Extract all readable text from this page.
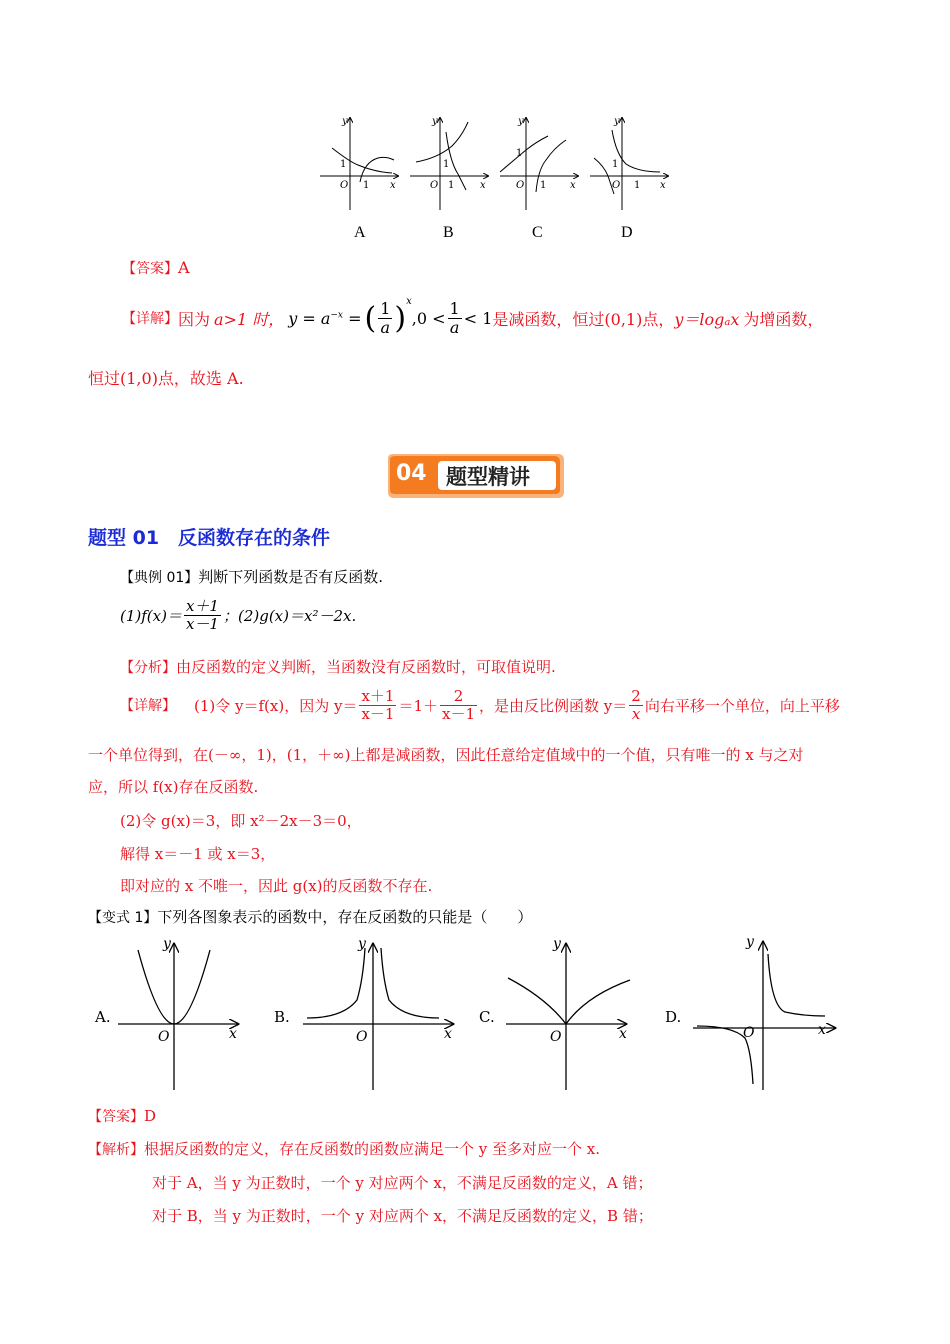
y
x
O
1
1
y
x
O
1
1
y
x
O
1
1
y
x
O
1
1
A	B	C	D
【答案】A
【详解】 因为 a>1 时， $y = a^{-x}$ = ( $\frac{1}{a} )^x$
$,0 < \frac{1}{a} < 1$ 是减函数，恒过(0,1)点， y＝logₐx 为增函数，
恒过(1,0)点，故选 A.
04 题型精讲
题型 01　反函数存在的条件
【典例 01】判断下列函数是否有反函数.
$(1)f(x)= \frac{x+1}{x-1}$ ；(2)g(x)＝x²－2x.
【分析】由反函数的定义判断，当函数没有反函数时，可取值说明.
【详解】 (1)令 y＝f(x)，因为 $y= \frac{x+1}{x-1} =1+ \frac{2}{x-1}$ ，是由反比例函数 $y= \frac{2}{x}$ 向右平移一个单位，向上平移
一个单位得到，在(－∞，1)，(1，＋∞)上都是减函数，因此任意给定值域中的一个值，只有唯一的 x 与之对
应，所以 f(x)存在反函数.
(2)令 g(x)＝3，即 x²－2x－3＝0，
解得 x＝－1 或 x＝3，
即对应的 x 不唯一，因此 g(x)的反函数不存在.
【变式 1】下列各图象表示的函数中，存在反函数的只能是（　　）
y
x
O
y
x
O
y
x
O
y
x
O
A.	B.	C.	D.
【答案】D
【解析】根据反函数的定义，存在反函数的函数应满足一个 y 至多对应一个 x.
对于 A，当 y 为正数时，一个 y 对应两个 x，不满足反函数的定义，A 错；
对于 B，当 y 为正数时，一个 y 对应两个 x，不满足反函数的定义，B 错；
